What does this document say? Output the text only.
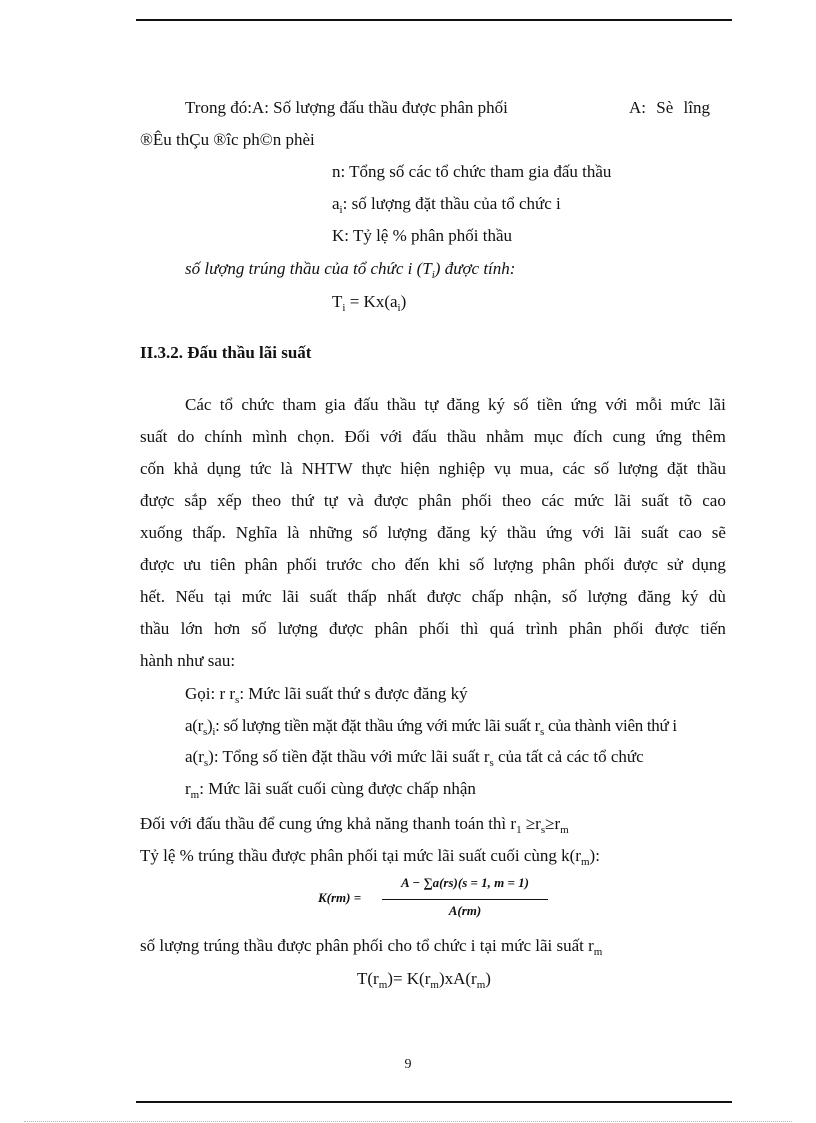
Trong đó:A: Số lượng đấu thầu được phân phối	A: Sè lîng
®Êu thÇu ®îc ph©n phèi
n: Tổng số các tổ chức tham gia đấu thầu
$a_i$: số lượng đặt thầu của tổ chức i
K: Tỷ lệ % phân phối thầu
số lượng trúng thầu của tổ chức i $(T_i)$ được tính:
$T_i = Kx(a_i)$
II.3.2. Đấu thầu lãi suất
Các tổ chức tham gia đấu thầu tự đăng ký số tiền ứng với mỗi mức lãi
suất do chính mình chọn. Đối với đấu thầu nhằm mục đích cung ứng thêm
cốn khả dụng tức là NHTW thực hiện nghiệp vụ mua, các số lượng đặt thầu
được sắp xếp theo thứ tự và được phân phối theo các mức lãi suất tõ cao
xuống thấp. Nghĩa là những số lượng đăng ký thầu ứng với lãi suất cao sẽ
được ưu tiên phân phối trước cho đến khi số lượng phân phối được sử dụng
hết. Nếu tại mức lãi suất thấp nhất được chấp nhận, số lượng đăng ký dù
thầu lớn hơn số lượng được phân phối thì quá trình phân phối được tiến
hành như sau:
Gọi: r $r_s$: Mức lãi suất thứ s được đăng ký
$a(r_s)_i$: số lượng tiền mặt đặt thầu ứng với mức lãi suất $r_s$ của thành viên thứ i
$a(r_s)$: Tổng số tiền đặt thầu với mức lãi suất $r_s$ của tất cả các tổ chức
$r_m$: Mức lãi suất cuối cùng được chấp nhận
Đối với đấu thầu để cung ứng khả năng thanh toán thì $r_1 \ge r_s\ge r_m$
Tỷ lệ % trúng thầu được phân phối tại mức lãi suất cuối cùng $k(r_m)$:
K(rm) =
A − ∑a(rs)(s = 1, m = 1)
A(rm)
số lượng trúng thầu được phân phối cho tổ chức i tại mức lãi suất $r_m$
$T(r_m)= K(r_m)xA(r_m)$
9
